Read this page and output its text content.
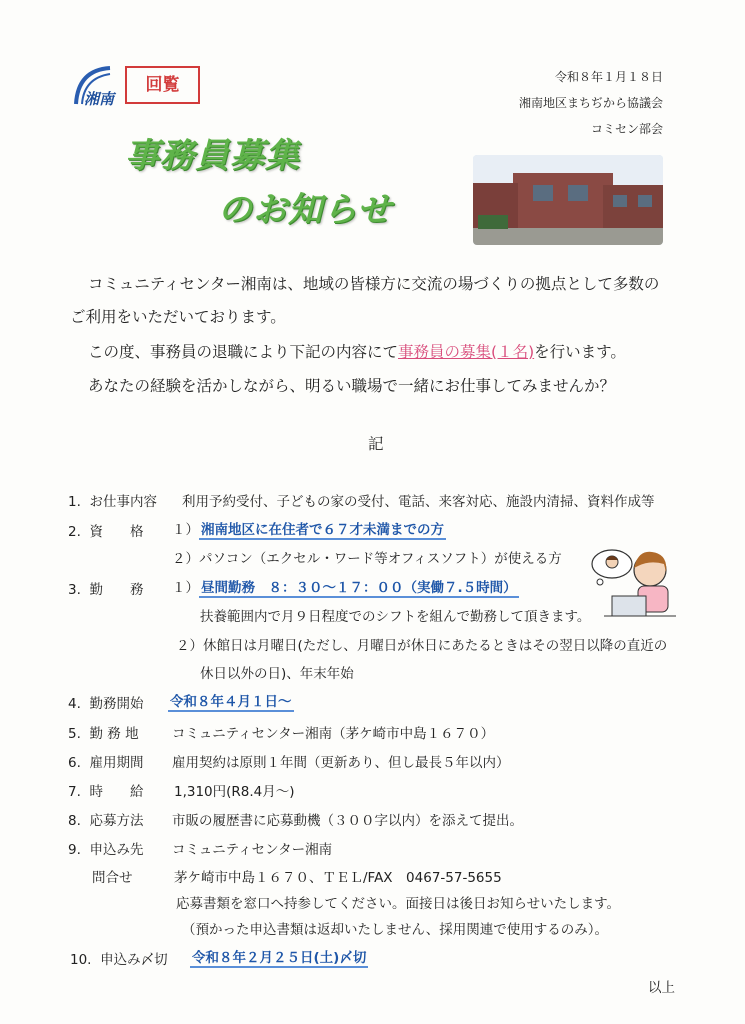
湘南
回覧	令和８年１月１８日
湘南地区まちぢから協議会
コミセン部会
事務員募集
のお知らせ
コミュニティセンター湘南は、地域の皆様方に交流の場づくりの拠点として多数の
ご利用をいただいております。
この度、事務員の退職により下記の内容にて事務員の募集(１名)を行います。
あなたの経験を活かしながら、明るい職場で一緒にお仕事してみませんか？
記
1. お仕事内容 利用予約受付、子どもの家の受付、電話、来客対応、施設内清掃、資料作成等
2. 資　　格 １） 湘南地区に在住者で６７才未満までの方
２）パソコン（エクセル・ワード等オフィスソフト）が使える方
3. 勤　　務 １） 昼間勤務　８：３０～１７：００（実働７.５時間）
扶養範囲内で月９日程度でのシフトを組んで勤務して頂きます。
２）休館日は月曜日(ただし、月曜日が休日にあたるときはその翌日以降の直近の
休日以外の日)、年末年始
4. 勤務開始 令和８年４月１日～
5. 勤 務 地 コミュニティセンター湘南（茅ケ崎市中島１６７０）
6. 雇用期間 雇用契約は原則１年間（更新あり、但し最長５年以内）
7. 時　　給 1,310円(R8.4月～)
8. 応募方法 市販の履歴書に応募動機（３００字以内）を添えて提出。
9. 申込み先 コミュニティセンター湘南
問合せ	茅ケ崎市中島１６７０、ＴＥＬ/FAX　0467-57-5655
応募書類を窓口へ持参してください。面接日は後日お知らせいたします。
（預かった申込書類は返却いたしません、採用関連で使用するのみ）。
10. 申込み〆切 令和８年２月２５日(土)〆切
以上
